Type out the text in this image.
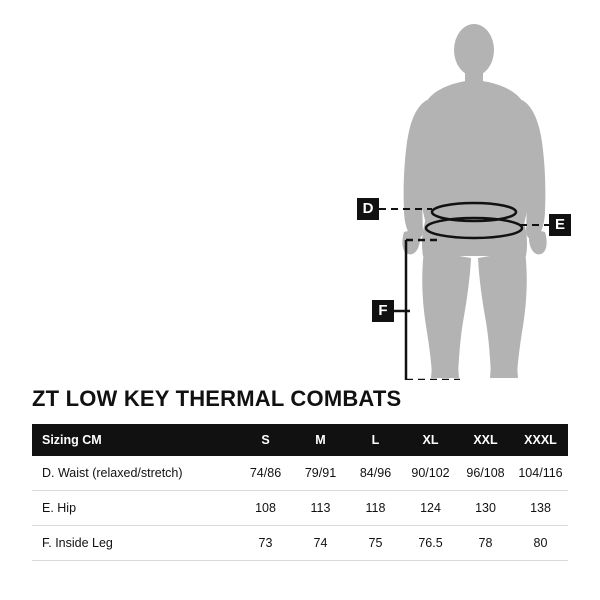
D
E
F
ZT LOW KEY THERMAL COMBATS
Sizing CM	S	M	L	XL	XXL	XXXL
D. Waist (relaxed/stretch)	74/86	79/91	84/96	90/102	96/108	104/116
E. Hip	108	113	118	124	130	138
F. Inside Leg	73	74	75	76.5	78	80
